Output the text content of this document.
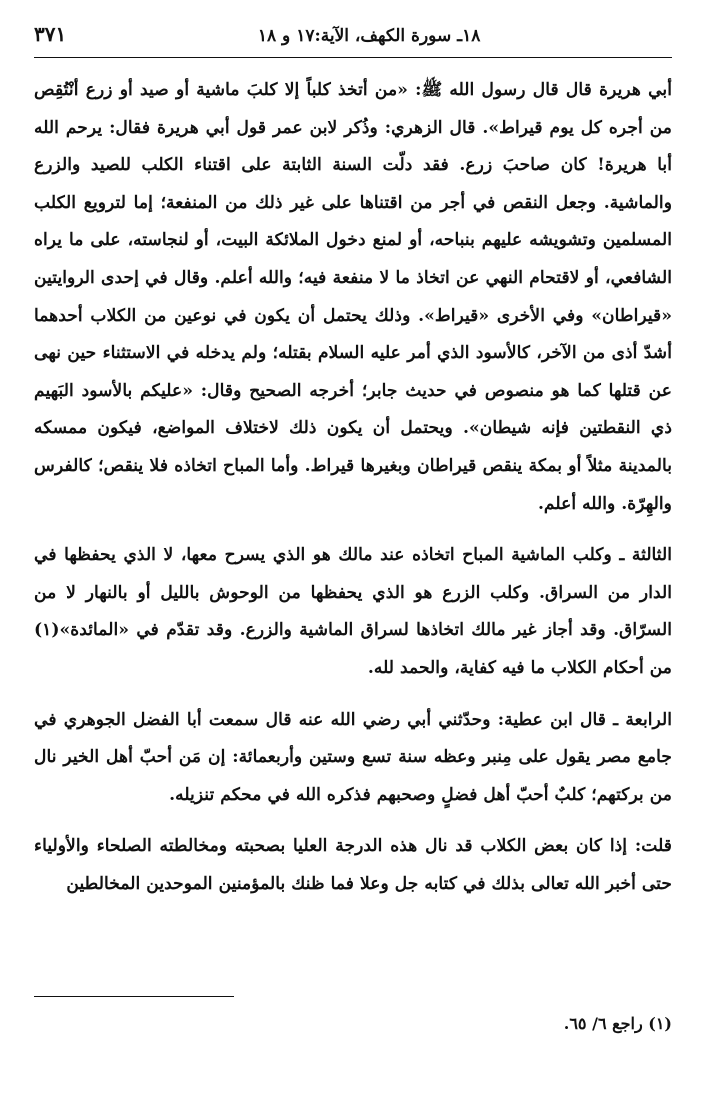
١٨ـ سورة الكهف، الآية:١٧ و ١٨
٣٧١

أبي هريرة قال قال رسول الله ﷺ: «من أتخذ كلباً إلا كلبَ ماشية أو صيد أو زرع أنْتُقِص من أجره كل يوم قيراط». قال الزهري: وذُكر لابن عمر قول أبي هريرة فقال: يرحم الله أبا هريرة! كان صاحبَ زرع. فقد دلّت السنة الثابتة على اقتناء الكلب للصيد والزرع والماشية. وجعل النقص في أجر من اقتناها على غير ذلك من المنفعة؛ إما لترويع الكلب المسلمين وتشويشه عليهم بنباحه، أو لمنع دخول الملائكة البيت، أو لنجاسته، على ما يراه الشافعي، أو لاقتحام النهي عن اتخاذ ما لا منفعة فيه؛ والله أعلم. وقال في إحدى الروايتين «قيراطان» وفي الأخرى «قيراط». وذلك يحتمل أن يكون في نوعين من الكلاب أحدهما أشدّ أذى من الآخر، كالأسود الذي أمر عليه السلام بقتله؛ ولم يدخله في الاستثناء حين نهى عن قتلها كما هو منصوص في حديث جابر؛ أخرجه الصحيح وقال: «عليكم بالأسود البَهيم ذي النقطتين فإنه شيطان». ويحتمل أن يكون ذلك لاختلاف المواضع، فيكون ممسكه بالمدينة مثلاً أو بمكة ينقص قيراطان وبغيرها قيراط. وأما المباح اتخاذه فلا ينقص؛ كالفرس والهِرّة. والله أعلم.

الثالثة ـ وكلب الماشية المباح اتخاذه عند مالك هو الذي يسرح معها، لا الذي يحفظها في الدار من السراق. وكلب الزرع هو الذي يحفظها من الوحوش بالليل أو بالنهار لا من السرّاق. وقد أجاز غير مالك اتخاذها لسراق الماشية والزرع. وقد تقدّم في «المائدة»(١) من أحكام الكلاب ما فيه كفاية، والحمد لله.

الرابعة ـ قال ابن عطية: وحدّثني أبي رضي الله عنه قال سمعت أبا الفضل الجوهري في جامع مصر يقول على مِنبر وعظه سنة تسع وستين وأربعمائة: إن مَن أحبّ أهل الخير نال من بركتهم؛ كلبٌ أحبّ أهل فضلٍ وصحبهم فذكره الله في محكم تنزيله.

قلت: إذا كان بعض الكلاب قد نال هذه الدرجة العليا بصحبته ومخالطته الصلحاء والأولياء حتى أخبر الله تعالى بذلك في كتابه جل وعلا فما ظنك بالمؤمنين الموحدين المخالطين

(١) راجع ٦/ ٦٥.
